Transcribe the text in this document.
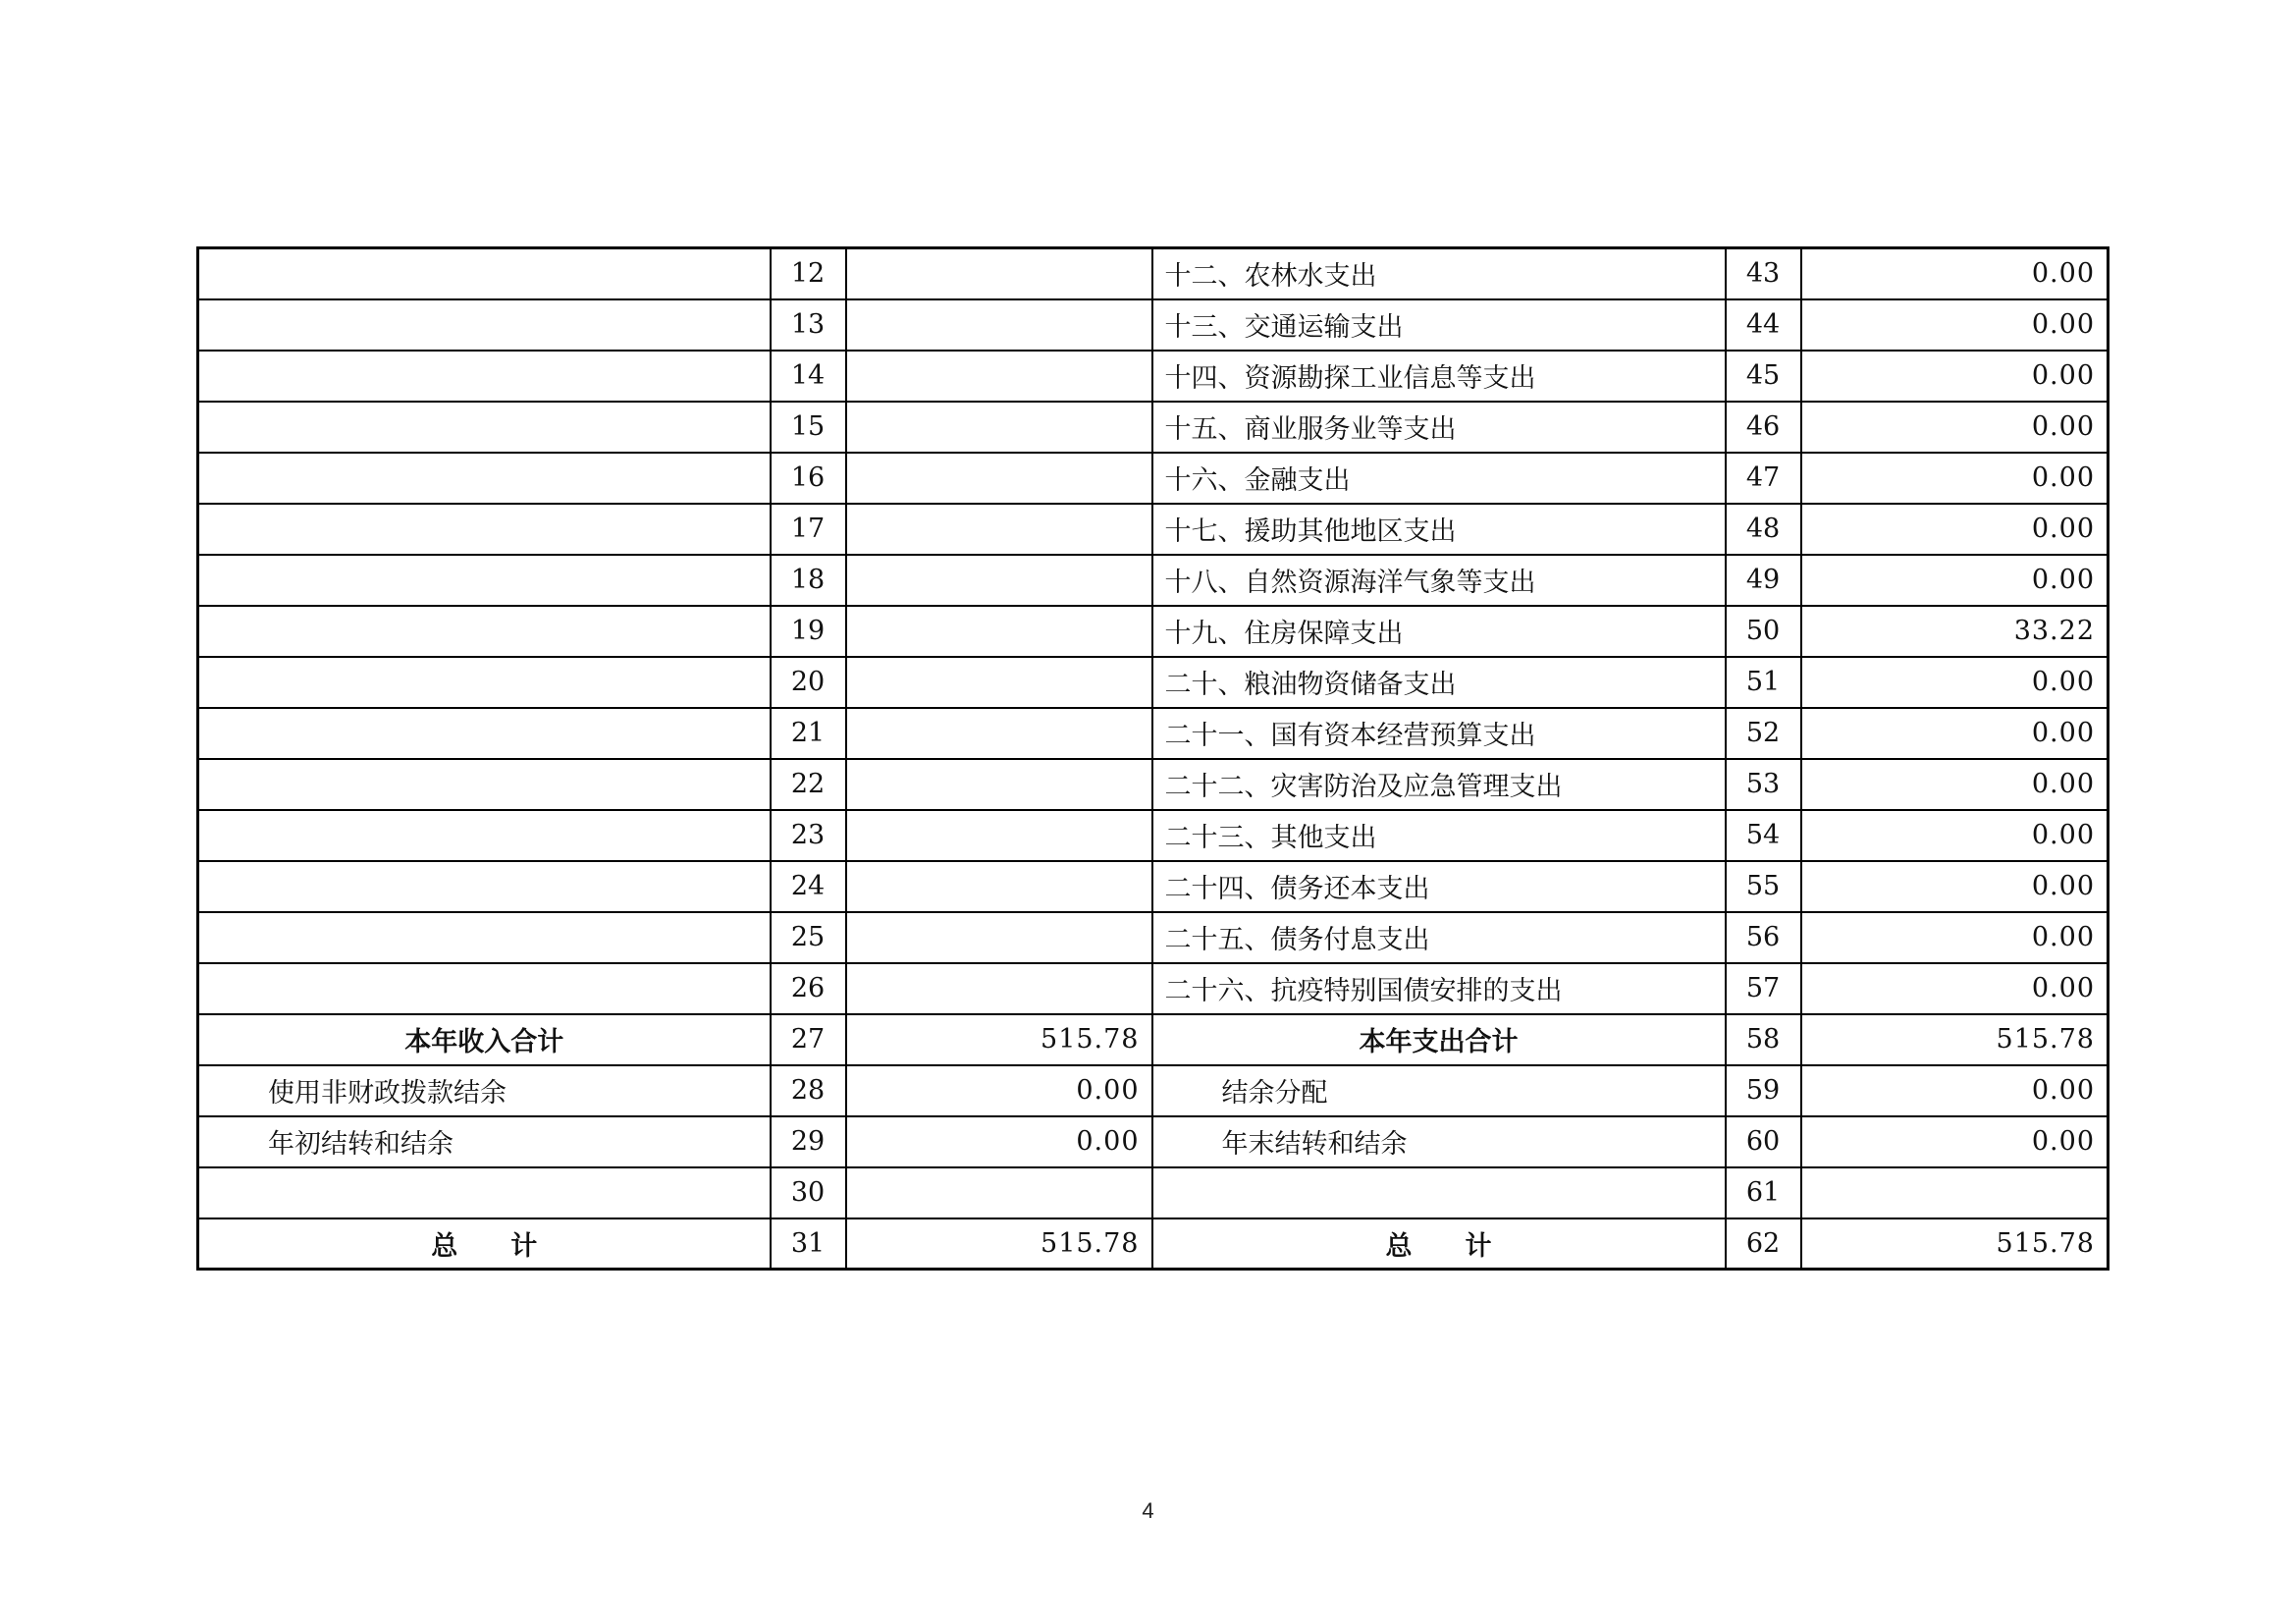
	12		十二、农林水支出	43	0.00
	13		十三、交通运输支出	44	0.00
	14		十四、资源勘探工业信息等支出	45	0.00
	15		十五、商业服务业等支出	46	0.00
	16		十六、金融支出	47	0.00
	17		十七、援助其他地区支出	48	0.00
	18		十八、自然资源海洋气象等支出	49	0.00
	19		十九、住房保障支出	50	33.22
	20		二十、粮油物资储备支出	51	0.00
	21		二十一、国有资本经营预算支出	52	0.00
	22		二十二、灾害防治及应急管理支出	53	0.00
	23		二十三、其他支出	54	0.00
	24		二十四、债务还本支出	55	0.00
	25		二十五、债务付息支出	56	0.00
	26		二十六、抗疫特别国债安排的支出	57	0.00
本年收入合计	27	515.78	本年支出合计	58	515.78
使用非财政拨款结余	28	0.00	结余分配	59	0.00
年初结转和结余	29	0.00	年末结转和结余	60	0.00
	30			61	
总　　计	31	515.78	总　　计	62	515.78
4
